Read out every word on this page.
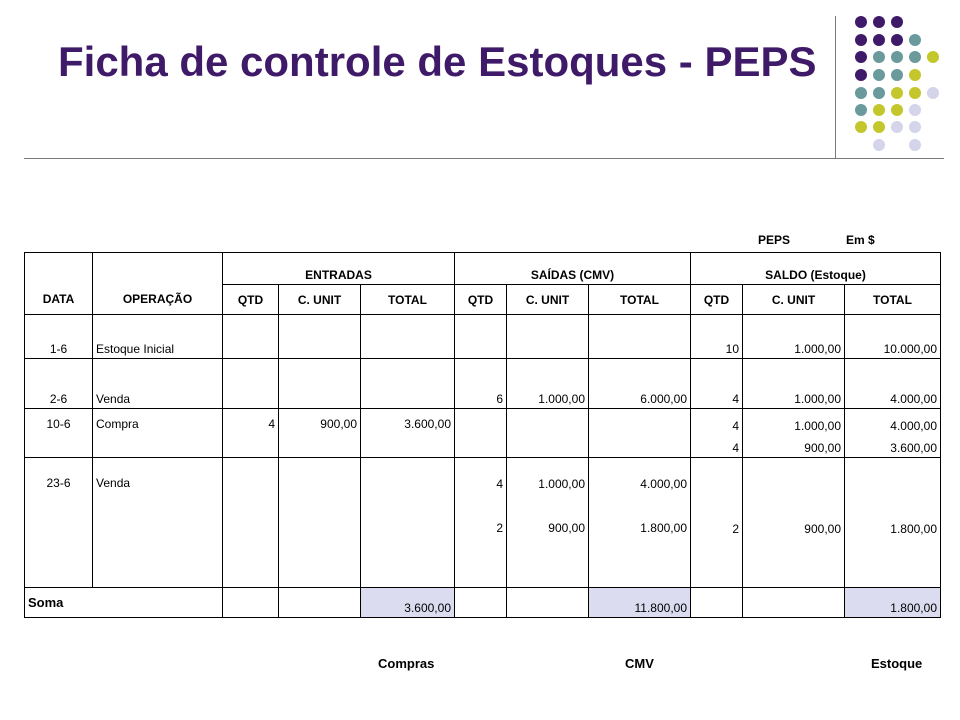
Ficha de controle de Estoques - PEPS
PEPS	Em $
		ENTRADAS			SAÍDAS (CMV)			SALDO (Estoque)		
DATA	OPERAÇÃO	QTD	C. UNIT	TOTAL	QTD	C. UNIT	TOTAL	QTD	C. UNIT	TOTAL
1-6	Estoque Inicial							10	1.000,00	10.000,00
2-6	Venda				6	1.000,00	6.000,00	4	1.000,00	4.000,00
10-6	Compra	4	900,00	3.600,00				4	1.000,00	4.000,00
								4	900,00	3.600,00
23-6	Venda				4	1.000,00	4.000,00	2	900,00	1.800,00
					2	900,00	1.800,00			
Soma				3.600,00			11.800,00			1.800,00
Compras	CMV	Estoque
